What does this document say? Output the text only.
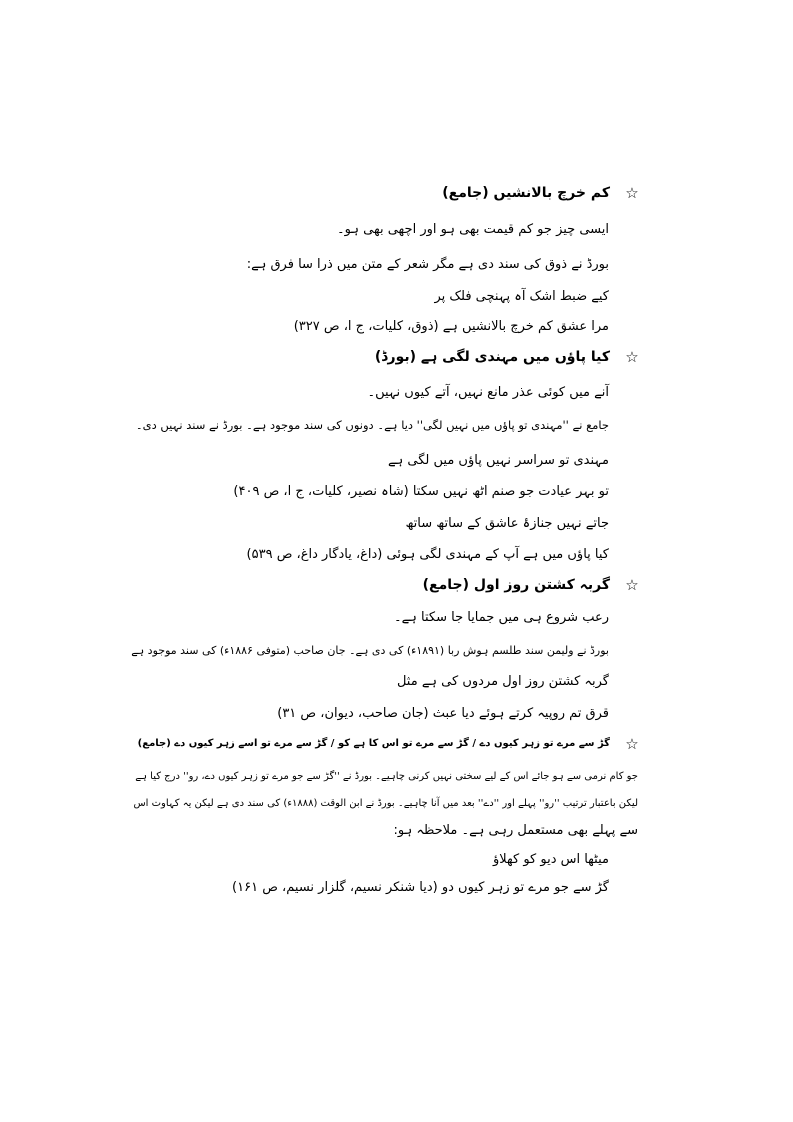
☆
کم خرچ بالانشیں (جامع)
ایسی چیز جو کم قیمت بھی ہو اور اچھی بھی ہو۔
بورڈ نے ذوق کی سند دی ہے مگر شعر کے متن میں ذرا سا فرق ہے:
کیے ضبط اشک آہ پہنچی فلک پر
مرا عشق کم خرچ بالانشیں ہے (ذوق، کلیات، ج ا، ص ۳۲۷)
☆
کیا پاؤں میں مہندی لگی ہے (بورڈ)
آنے میں کوئی عذر مانع نہیں، آتے کیوں نہیں۔
جامع نے ''مہندی تو پاؤں میں نہیں لگی'' دیا ہے۔ دونوں کی سند موجود ہے۔ بورڈ نے سند نہیں دی۔
مہندی تو سراسر نہیں پاؤں میں لگی ہے
تو بہر عیادت جو صنم اٹھ نہیں سکتا (شاہ نصیر، کلیات، ج ا، ص ۴۰۹)
جاتے نہیں جنازۂ عاشق کے ساتھ ساتھ
کیا پاؤں میں ہے آپ کے مہندی لگی ہوئی (داغ، یادگار داغ، ص ۵۳۹)
☆
گربہ کشتن روز اول (جامع)
رعب شروع ہی میں جمایا جا سکتا ہے۔
بورڈ نے ولیمن سند طلسم ہوش ربا (۱۸۹۱ء) کی دی ہے۔ جان صاحب (متوفی ۱۸۸۶ء) کی سند موجود ہے
گربہ کشتن روز اول مردوں کی ہے مثل
قرق تم روپیہ کرتے ہوئے دیا عبث (جان صاحب، دیوان، ص ۳۱)
☆
گڑ سے مرے تو زہر کیوں دے / گڑ سے مرے تو اس کا ہے کو / گڑ سے مرے تو اسے زہر کیوں دے (جامع)
جو کام نرمی سے ہو جائے اس کے لیے سختی نہیں کرنی چاہیے۔ بورڈ نے ''گڑ سے جو مرے تو زہر کیوں دے، رو'' درج کیا ہے
لیکن باعتبار ترتیب ''رو'' پہلے اور ''دے'' بعد میں آنا چاہیے۔ بورڈ نے ابن الوقت (۱۸۸۸ء) کی سند دی ہے لیکن یہ کہاوت اس
سے پہلے بھی مستعمل رہی ہے۔ ملاحظہ ہو:
میٹھا اس دیو کو کھلاؤ
گڑ سے جو مرے تو زہر کیوں دو (دیا شنکر نسیم، گلزار نسیم، ص ۱۶۱)
